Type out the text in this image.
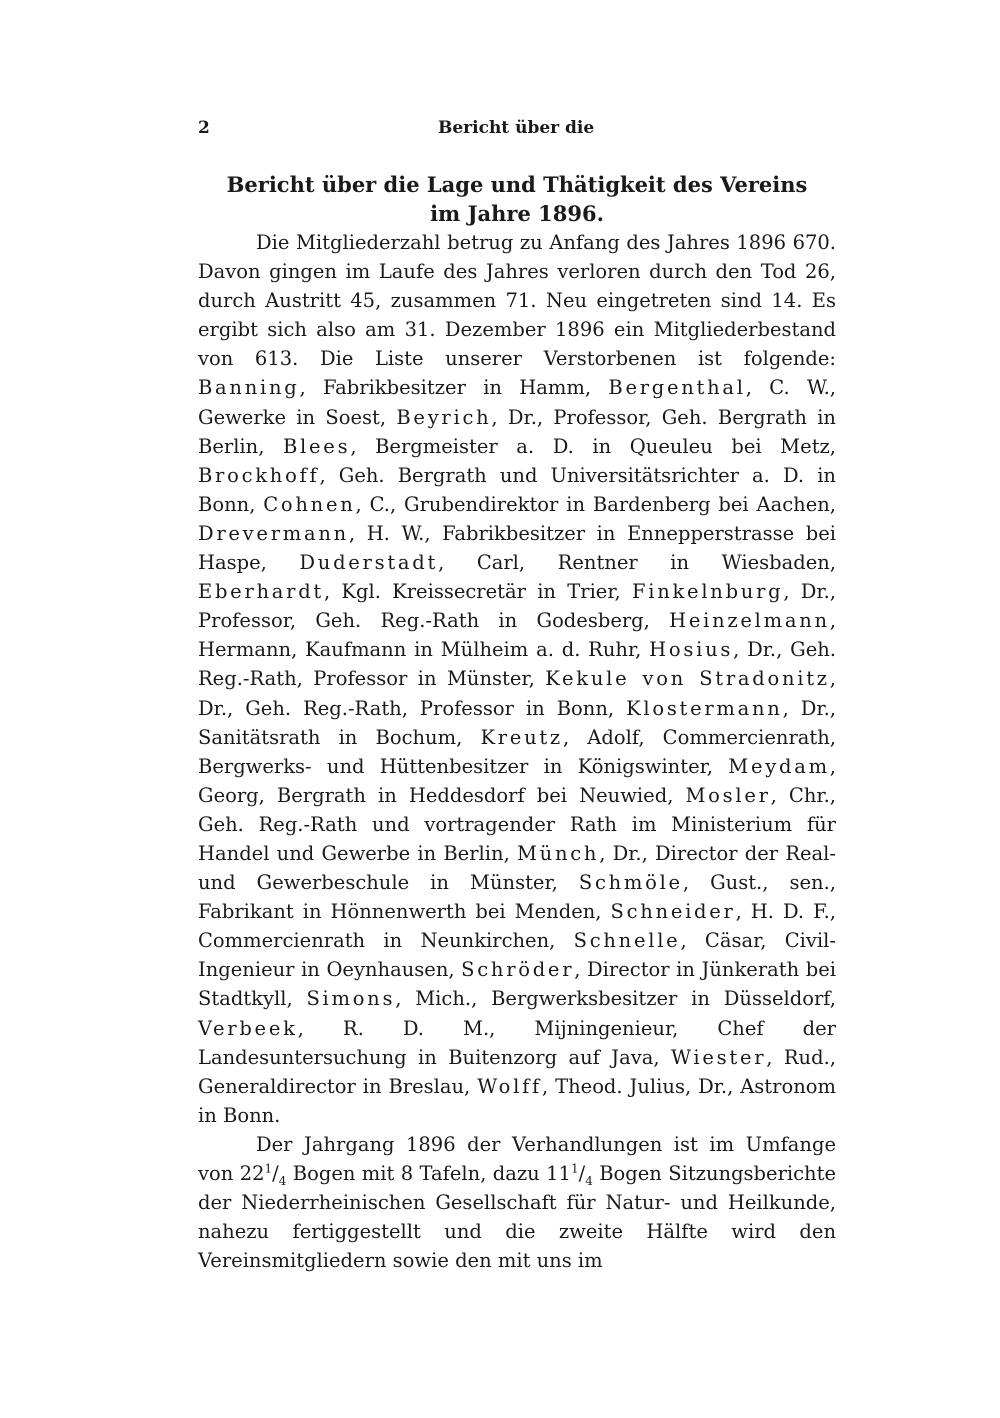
2	Bericht über die
Bericht über die Lage und Thätigkeit des Vereins
im Jahre 1896.

Die Mitgliederzahl betrug zu Anfang des Jahres 1896 670. Davon gingen im Laufe des Jahres verloren durch den Tod 26, durch Austritt 45, zusammen 71. Neu eingetreten sind 14. Es ergibt sich also am 31. Dezember 1896 ein Mitgliederbestand von 613. Die Liste unserer Verstorbenen ist folgende: Banning, Fabrikbesitzer in Hamm, Bergenthal, C. W., Gewerke in Soest, Beyrich, Dr., Professor, Geh. Bergrath in Berlin, Blees, Bergmeister a. D. in Queuleu bei Metz, Brockhoff, Geh. Bergrath und Universitätsrichter a. D. in Bonn, Cohnen, C., Grubendirektor in Bardenberg bei Aachen, Drevermann, H. W., Fabrikbesitzer in Ennepperstrasse bei Haspe, Duderstadt, Carl, Rentner in Wiesbaden, Eberhardt, Kgl. Kreissecretär in Trier, Finkelnburg, Dr., Professor, Geh. Reg.-Rath in Godesberg, Heinzelmann, Hermann, Kaufmann in Mülheim a. d. Ruhr, Hosius, Dr., Geh. Reg.-Rath, Professor in Münster, Kekule von Stradonitz, Dr., Geh. Reg.-Rath, Professor in Bonn, Klostermann, Dr., Sanitätsrath in Bochum, Kreutz, Adolf, Commercienrath, Bergwerks- und Hüttenbesitzer in Königswinter, Meydam, Georg, Bergrath in Heddesdorf bei Neuwied, Mosler, Chr., Geh. Reg.-Rath und vortragender Rath im Ministerium für Handel und Gewerbe in Berlin, Münch, Dr., Director der Real- und Gewerbeschule in Münster, Schmöle, Gust., sen., Fabrikant in Hönnenwerth bei Menden, Schneider, H. D. F., Commercienrath in Neunkirchen, Schnelle, Cäsar, Civil-Ingenieur in Oeynhausen, Schröder, Director in Jünkerath bei Stadtkyll, Simons, Mich., Bergwerksbesitzer in Düsseldorf, Verbeek, R. D. M., Mijningenieur, Chef der Landesuntersuchung in Buitenzorg auf Java, Wiester, Rud., Generaldirector in Breslau, Wolff, Theod. Julius, Dr., Astronom in Bonn.

Der Jahrgang 1896 der Verhandlungen ist im Umfange von $22^1/_4$ Bogen mit 8 Tafeln, dazu $11^1/_4$ Bogen Sitzungsberichte der Niederrheinischen Gesellschaft für Natur- und Heilkunde, nahezu fertiggestellt und die zweite Hälfte wird den Vereinsmitgliedern sowie den mit uns im
